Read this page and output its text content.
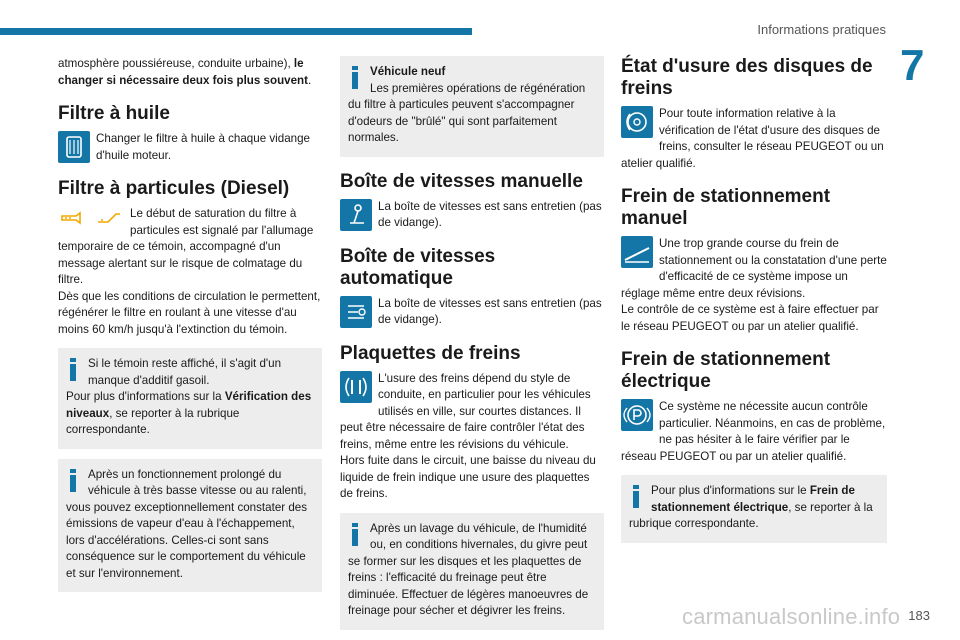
Informations pratiques
7

atmosphère poussiéreuse, conduite urbaine), le changer si nécessaire deux fois plus souvent.

Filtre à huile

Changer le filtre à huile à chaque vidange d'huile moteur.

Filtre à particules (Diesel)

Le début de saturation du filtre à particules est signalé par l'allumage temporaire de ce témoin, accompagné d'un message alertant sur le risque de colmatage du filtre.

Dès que les conditions de circulation le permettent, régénérer le filtre en roulant à une vitesse d'au moins 60 km/h jusqu'à l'extinction du témoin.

Si le témoin reste affiché, il s'agit d'un manque d'additif gasoil.

Pour plus d'informations sur la Vérification des niveaux, se reporter à la rubrique correspondante.

Après un fonctionnement prolongé du véhicule à très basse vitesse ou au ralenti, vous pouvez exceptionnellement constater des émissions de vapeur d'eau à l'échappement, lors d'accélérations. Celles-ci sont sans conséquence sur le comportement du véhicule et sur l'environnement.

Véhicule neuf

Les premières opérations de régénération du filtre à particules peuvent s'accompagner d'odeurs de "brûlé" qui sont parfaitement normales.

Boîte de vitesses manuelle

La boîte de vitesses est sans entretien (pas de vidange).

Boîte de vitesses automatique

La boîte de vitesses est sans entretien (pas de vidange).

Plaquettes de freins

L'usure des freins dépend du style de conduite, en particulier pour les véhicules utilisés en ville, sur courtes distances. Il peut être nécessaire de faire contrôler l'état des freins, même entre les révisions du véhicule.

Hors fuite dans le circuit, une baisse du niveau du liquide de frein indique une usure des plaquettes de freins.

Après un lavage du véhicule, de l'humidité ou, en conditions hivernales, du givre peut se former sur les disques et les plaquettes de freins : l'efficacité du freinage peut être diminuée. Effectuer de légères manoeuvres de freinage pour sécher et dégivrer les freins.

État d'usure des disques de freins

Pour toute information relative à la vérification de l'état d'usure des disques de freins, consulter le réseau PEUGEOT ou un atelier qualifié.

Frein de stationnement manuel

Une trop grande course du frein de stationnement ou la constatation d'une perte d'efficacité de ce système impose un réglage même entre deux révisions.

Le contrôle de ce système est à faire effectuer par le réseau PEUGEOT ou par un atelier qualifié.

Frein de stationnement électrique

Ce système ne nécessite aucun contrôle particulier. Néanmoins, en cas de problème, ne pas hésiter à le faire vérifier par le réseau PEUGEOT ou par un atelier qualifié.

Pour plus d'informations sur le Frein de stationnement électrique, se reporter à la rubrique correspondante.

carmanualsonline.info 183
